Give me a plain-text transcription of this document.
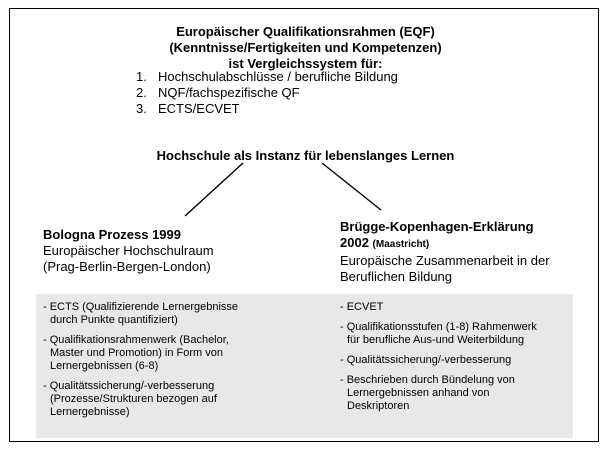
Europäischer Qualifikationsrahmen (EQF)
(Kenntnisse/Fertigkeiten und Kompetenzen)
ist Vergleichssystem für:
1. Hochschulabschlüsse / berufliche Bildung
2. NQF/fachspezifische QF
3. ECTS/ECVET
Hochschule als Instanz für lebenslanges Lernen
Bologna Prozess 1999
Europäischer Hochschulraum
(Prag-Berlin-Bergen-London)
Brügge-Kopenhagen-Erklärung
2002 (Maastricht)
Europäische Zusammenarbeit in der
Beruflichen Bildung
- ECTS (Qualifizierende Lernergebnisse
durch Punkte quantifiziert)
- Qualifikationsrahmenwerk (Bachelor,
Master und Promotion) in Form von
Lernergebnissen (6-8)
- Qualitätssicherung/-verbesserung
(Prozesse/Strukturen bezogen auf
Lernergebnisse)
- ECVET
- Qualifikationsstufen (1-8) Rahmenwerk
für berufliche Aus-und Weiterbildung
- Qualitätssicherung/-verbesserung
- Beschrieben durch Bündelung von
Lernergebnissen anhand von
Deskriptoren
